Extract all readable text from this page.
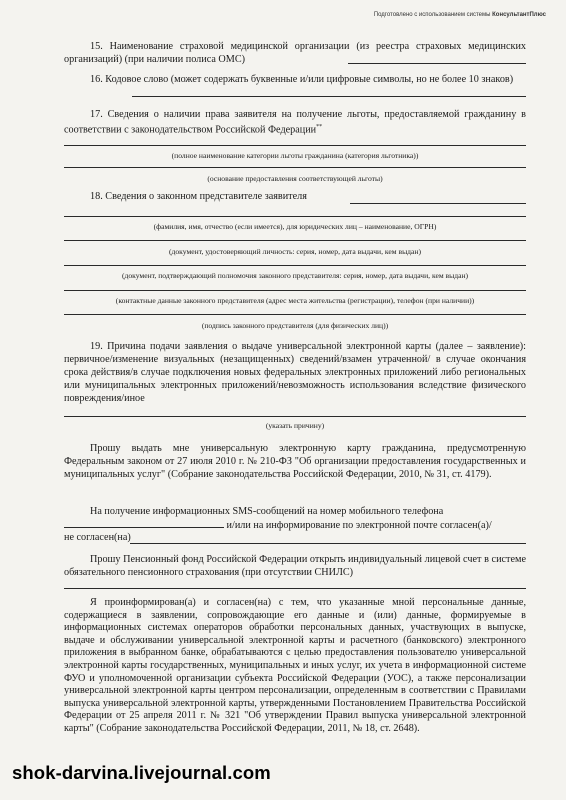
Подготовлено с использованием системы КонсультантПлюс
15. Наименование страховой медицинской организации (из реестра страховых медицинских организаций) (при наличии полиса ОМС)
16. Кодовое слово (может содержать буквенные и/или цифровые символы, но не более 10 знаков)
17. Сведения о наличии права заявителя на получение льготы, предоставляемой гражданину в соответствии с законодательством Российской Федерации**
(полное наименование категории льготы гражданина (категория льготника))
(основание предоставления соответствующей льготы)
18. Сведения о законном представителе заявителя
(фамилия, имя, отчество (если имеется), для юридических лиц – наименование, ОГРН)
(документ, удостоверяющий личность: серия, номер, дата выдачи, кем выдан)
(документ, подтверждающий полномочия законного представителя: серия, номер, дата выдачи, кем выдан)
(контактные данные законного представителя (адрес места жительства (регистрации), телефон (при наличии))
(подпись законного представителя (для физических лиц))
19. Причина подачи заявления о выдаче универсальной электронной карты (далее – заявление): первичное/изменение визуальных (незащищенных) сведений/взамен утраченной/ в случае окончания срока действия/в случае подключения новых федеральных электронных приложений либо региональных или муниципальных электронных приложений/невозможность использования вследствие физического повреждения/иное
(указать причину)
Прошу выдать мне универсальную электронную карту гражданина, предусмотренную Федеральным законом от 27 июля 2010 г. № 210-ФЗ "Об организации предоставления государственных и муниципальных услуг" (Собрание законодательства Российской Федерации, 2010, № 31, ст. 4179).
На получение информационных SMS-сообщений на номер мобильного телефона
и/или на информирование по электронной почте согласен(а)/
не согласен(на)
Прошу Пенсионный фонд Российской Федерации открыть индивидуальный лицевой счет в системе обязательного пенсионного страхования (при отсутствии СНИЛС)
Я проинформирован(а) и согласен(на) с тем, что указанные мной персональные данные, содержащиеся в заявлении, сопровождающие его данные и (или) данные, формируемые в информационных системах операторов обработки персональных данных, участвующих в выпуске, выдаче и обслуживании универсальной электронной карты и расчетного (банковского) электронного приложения в выбранном банке, обрабатываются с целью предоставления пользователю универсальной электронной карты государственных, муниципальных и иных услуг, их учета в информационной системе ФУО и уполномоченной организации субъекта Российской Федерации (УОС), а также персонализации универсальной электронной карты центром персонализации, определенным в соответствии с Правилами выпуска универсальной электронной карты, утвержденными Постановлением Правительства Российской Федерации от 25 апреля 2011 г. № 321 "Об утверждении Правил выпуска универсальной электронной карты" (Собрание законодательства Российской Федерации, 2011, № 18, ст. 2648).
shok-darvina.livejournal.com
